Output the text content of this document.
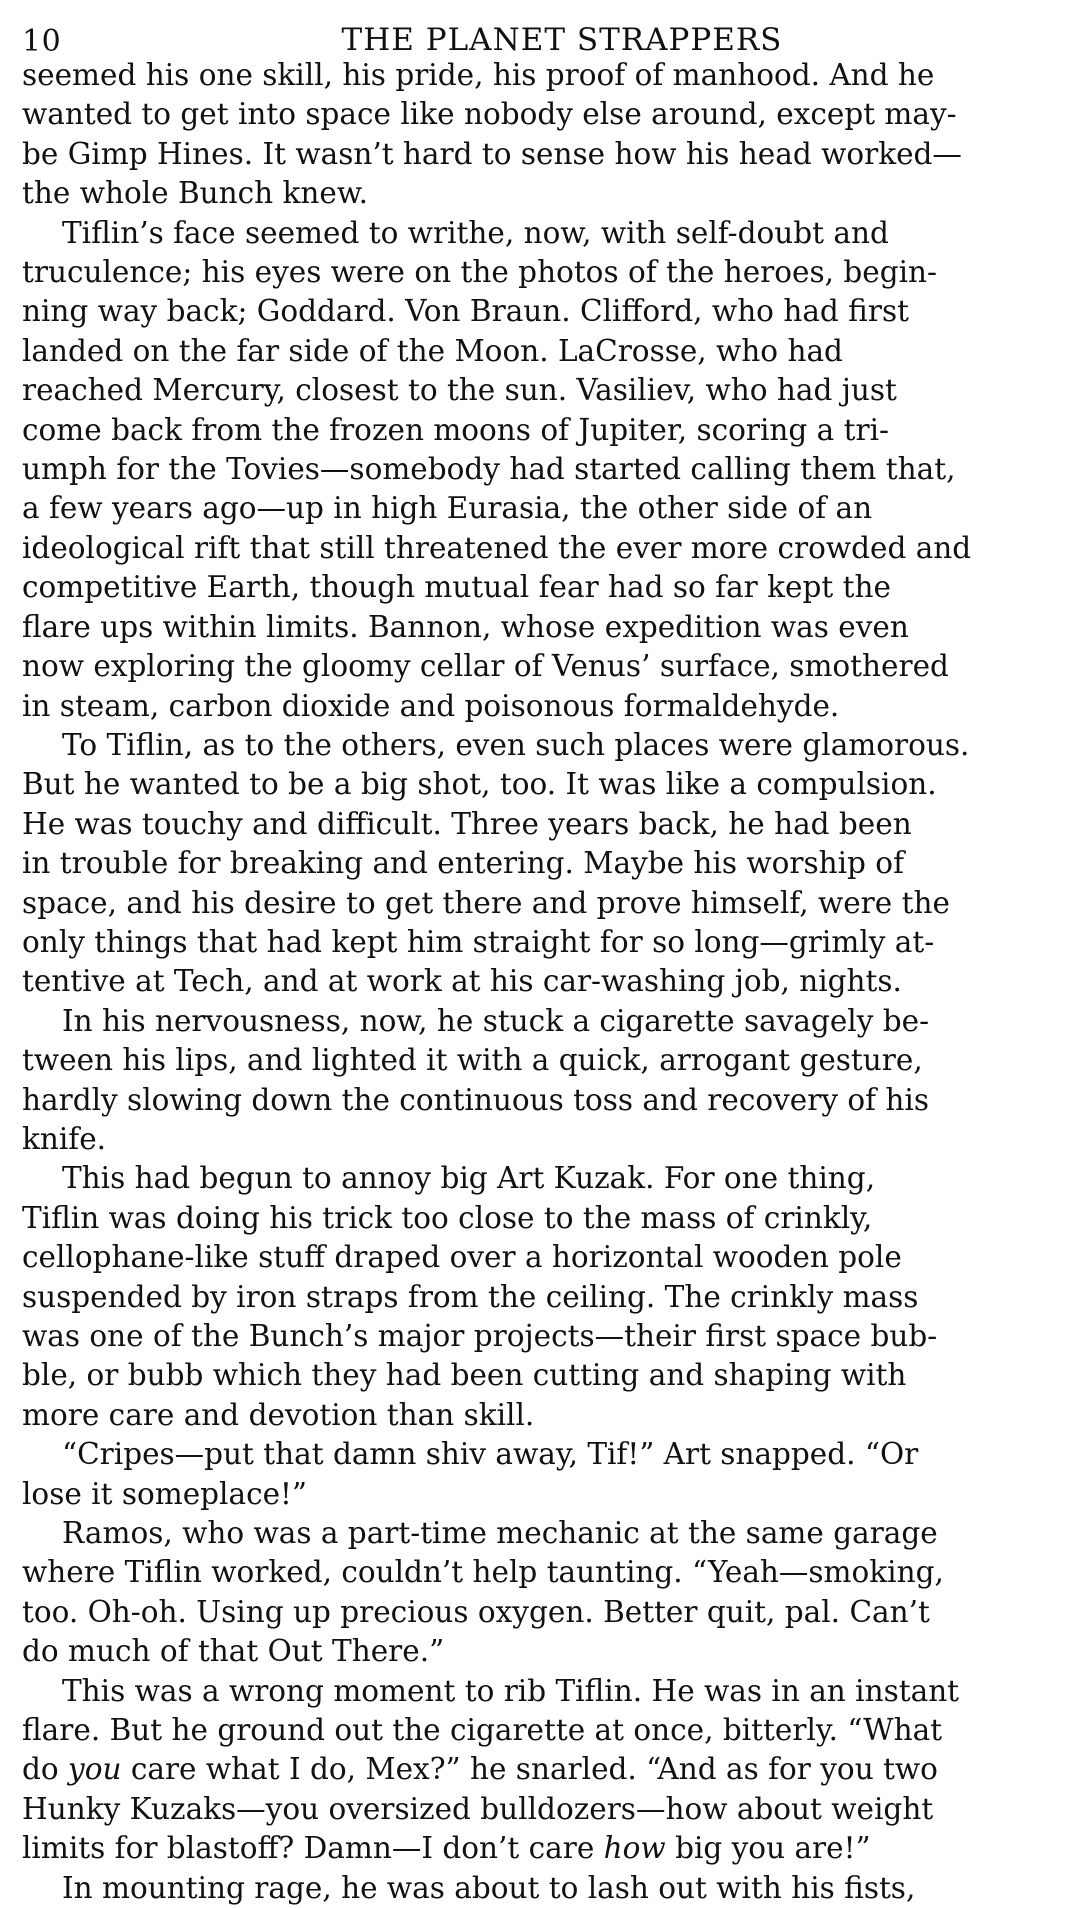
10	THE PLANET STRAPPERS
seemed his one skill, his pride, his proof of manhood. And he
wanted to get into space like nobody else around, except may-
be Gimp Hines. It wasn’t hard to sense how his head worked—
the whole Bunch knew.
Tiflin’s face seemed to writhe, now, with self-doubt and
truculence; his eyes were on the photos of the heroes, begin-
ning way back; Goddard. Von Braun. Clifford, who had first
landed on the far side of the Moon. LaCrosse, who had
reached Mercury, closest to the sun. Vasiliev, who had just
come back from the frozen moons of Jupiter, scoring a tri-
umph for the Tovies—somebody had started calling them that,
a few years ago—up in high Eurasia, the other side of an
ideological rift that still threatened the ever more crowded and
competitive Earth, though mutual fear had so far kept the
flare ups within limits. Bannon, whose expedition was even
now exploring the gloomy cellar of Venus’ surface, smothered
in steam, carbon dioxide and poisonous formaldehyde.
To Tiflin, as to the others, even such places were glamorous.
But he wanted to be a big shot, too. It was like a compulsion.
He was touchy and difficult. Three years back, he had been
in trouble for breaking and entering. Maybe his worship of
space, and his desire to get there and prove himself, were the
only things that had kept him straight for so long—grimly at-
tentive at Tech, and at work at his car-washing job, nights.
In his nervousness, now, he stuck a cigarette savagely be-
tween his lips, and lighted it with a quick, arrogant gesture,
hardly slowing down the continuous toss and recovery of his
knife.
This had begun to annoy big Art Kuzak. For one thing,
Tiflin was doing his trick too close to the mass of crinkly,
cellophane-like stuff draped over a horizontal wooden pole
suspended by iron straps from the ceiling. The crinkly mass
was one of the Bunch’s major projects—their first space bub-
ble, or bubb which they had been cutting and shaping with
more care and devotion than skill.
“Cripes—put that damn shiv away, Tif!” Art snapped. “Or
lose it someplace!”
Ramos, who was a part-time mechanic at the same garage
where Tiflin worked, couldn’t help taunting. “Yeah—smoking,
too. Oh-oh. Using up precious oxygen. Better quit, pal. Can’t
do much of that Out There.”
This was a wrong moment to rib Tiflin. He was in an instant
flare. But he ground out the cigarette at once, bitterly. “What
do you care what I do, Mex?” he snarled. “And as for you two
Hunky Kuzaks—you oversized bulldozers—how about weight
limits for blastoff? Damn—I don’t care how big you are!”
In mounting rage, he was about to lash out with his fists,
